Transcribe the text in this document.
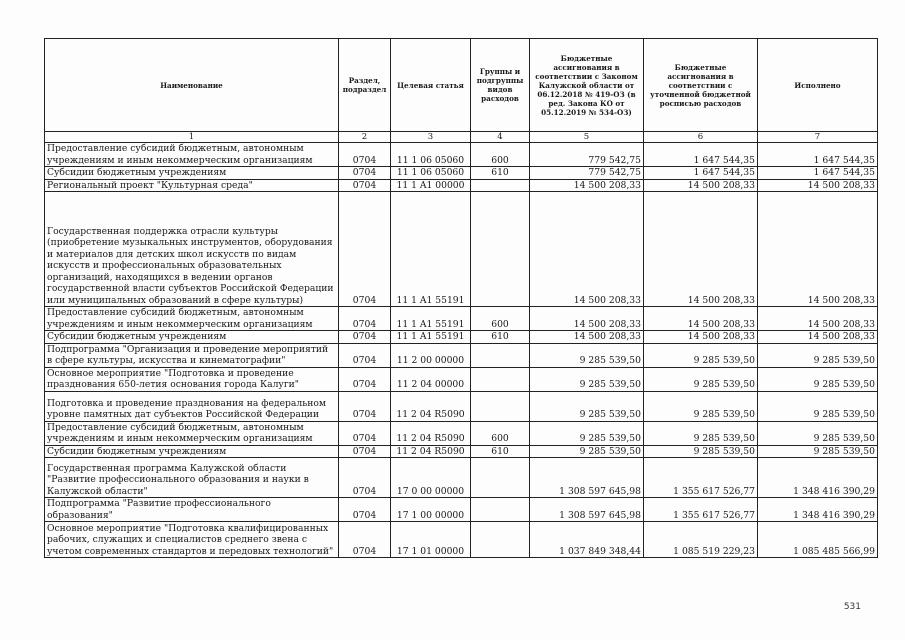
Наименование	Раздел, подраздел	Целевая статья	Группы и подгруппы видов расходов	Бюджетные ассигнования в соответствии с Законом Калужской области от 06.12.2018 № 419-ОЗ (в ред. Закона КО от 05.12.2019 № 534-ОЗ)	Бюджетные ассигнования в соответствии с уточненной бюджетной росписью расходов	Исполнено
1	2	3	4	5	6	7
Предоставление субсидий бюджетным, автономным учреждениям и иным некоммерческим организациям	0704	11 1 06 05060	600	779 542,75	1 647 544,35	1 647 544,35
Субсидии бюджетным учреждениям	0704	11 1 06 05060	610	779 542,75	1 647 544,35	1 647 544,35
Региональный проект "Культурная среда"	0704	11 1 A1 00000		14 500 208,33	14 500 208,33	14 500 208,33
Государственная поддержка отрасли культуры (приобретение музыкальных инструментов, оборудования и материалов для детских школ искусств по видам искусств и профессиональных образовательных организаций, находящихся в ведении органов государственной власти субъектов Российской Федерации или муниципальных образований в сфере культуры)	0704	11 1 A1 55191		14 500 208,33	14 500 208,33	14 500 208,33
Предоставление субсидий бюджетным, автономным учреждениям и иным некоммерческим организациям	0704	11 1 A1 55191	600	14 500 208,33	14 500 208,33	14 500 208,33
Субсидии бюджетным учреждениям	0704	11 1 A1 55191	610	14 500 208,33	14 500 208,33	14 500 208,33
Подпрограмма "Организация и проведение мероприятий в сфере культуры, искусства и кинематографии"	0704	11 2 00 00000		9 285 539,50	9 285 539,50	9 285 539,50
Основное мероприятие "Подготовка и проведение празднования 650-летия основания города Калуги"	0704	11 2 04 00000		9 285 539,50	9 285 539,50	9 285 539,50
Подготовка и проведение празднования на федеральном уровне памятных дат субъектов Российской Федерации	0704	11 2 04 R5090		9 285 539,50	9 285 539,50	9 285 539,50
Предоставление субсидий бюджетным, автономным учреждениям и иным некоммерческим организациям	0704	11 2 04 R5090	600	9 285 539,50	9 285 539,50	9 285 539,50
Субсидии бюджетным учреждениям	0704	11 2 04 R5090	610	9 285 539,50	9 285 539,50	9 285 539,50
Государственная программа Калужской области "Развитие профессионального образования и науки в Калужской области"	0704	17 0 00 00000		1 308 597 645,98	1 355 617 526,77	1 348 416 390,29
Подпрограмма "Развитие профессионального образования"	0704	17 1 00 00000		1 308 597 645,98	1 355 617 526,77	1 348 416 390,29
Основное мероприятие "Подготовка квалифицированных рабочих, служащих и специалистов среднего звена с учетом современных стандартов и передовых технологий"	0704	17 1 01 00000		1 037 849 348,44	1 085 519 229,23	1 085 485 566,99
531
